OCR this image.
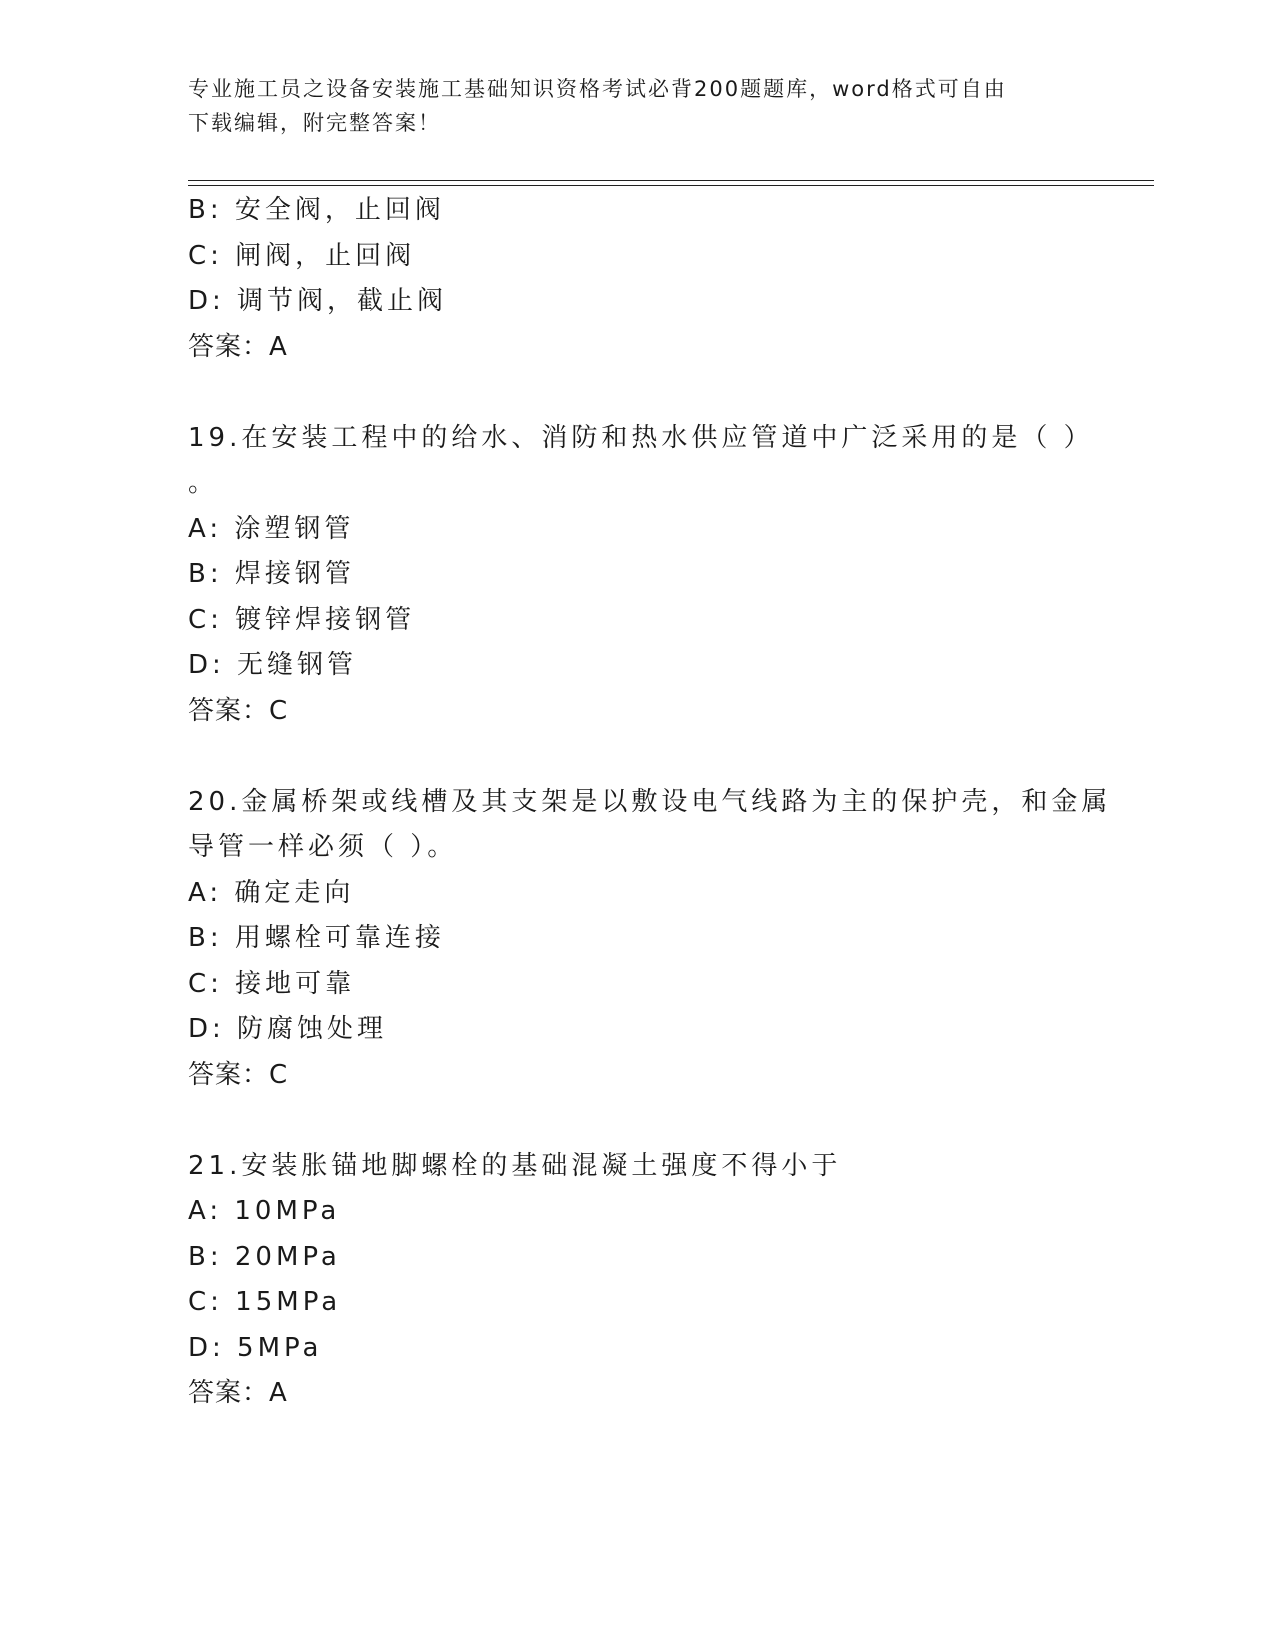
专业施工员之设备安装施工基础知识资格考试必背200题题库，word格式可自由
下载编辑，附完整答案！
B: 安全阀，止回阀
C: 闸阀，止回阀
D: 调节阀，截止阀
答案：A
19.在安装工程中的给水、消防和热水供应管道中广泛采用的是（ ）
。
A: 涂塑钢管
B: 焊接钢管
C: 镀锌焊接钢管
D: 无缝钢管
答案：C
20.金属桥架或线槽及其支架是以敷设电气线路为主的保护壳，和金属
导管一样必须（ ）。
A: 确定走向
B: 用螺栓可靠连接
C: 接地可靠
D: 防腐蚀处理
答案：C
21.安装胀锚地脚螺栓的基础混凝土强度不得小于
A: 10MPa
B: 20MPa
C: 15MPa
D: 5MPa
答案：A
